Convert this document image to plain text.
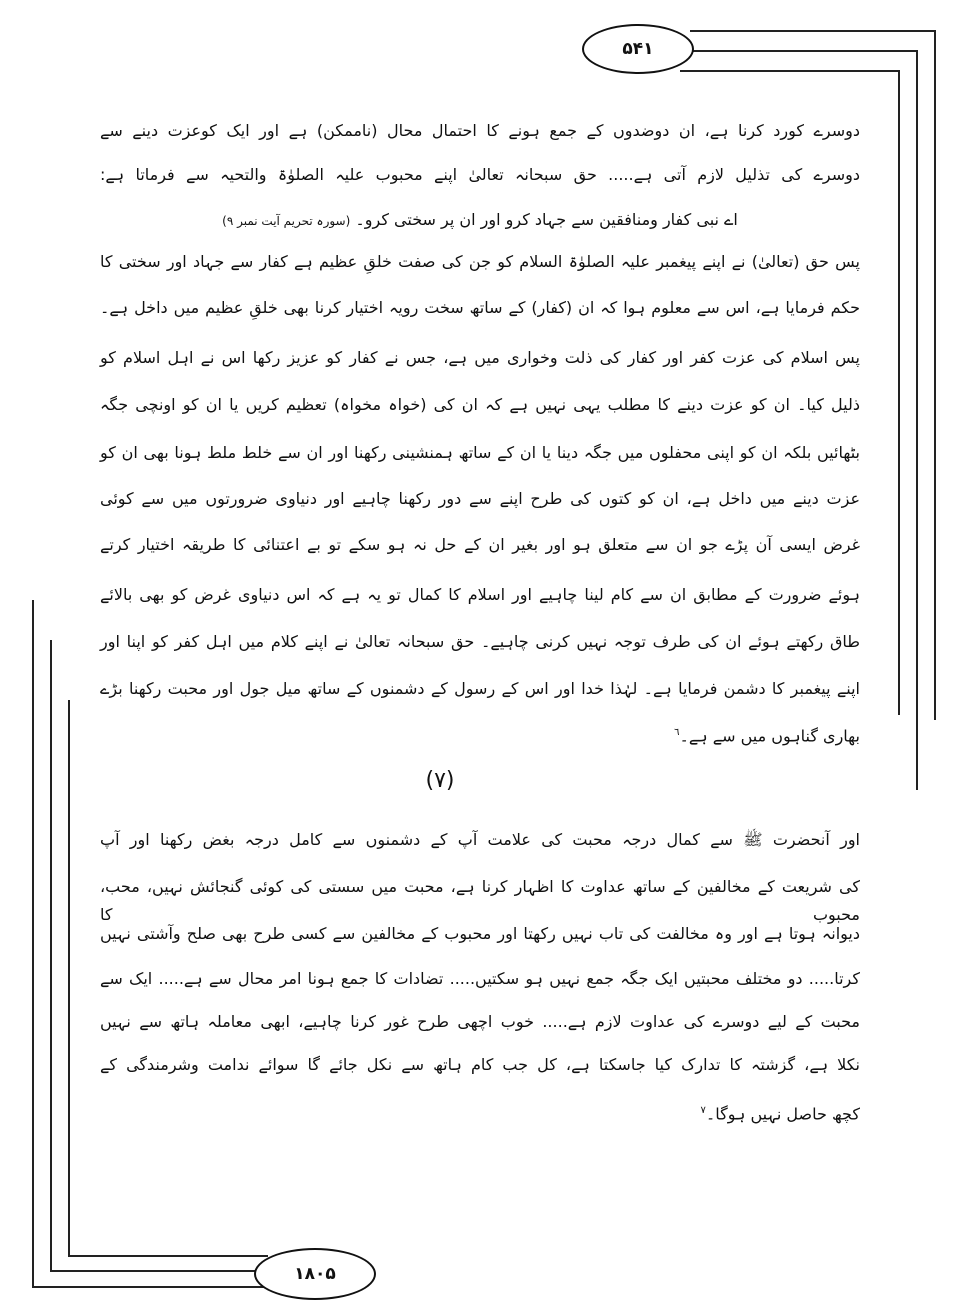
۵۴۱
۱۸۰۵
دوسرے کورد کرنا ہے، ان دوضدوں کے جمع ہونے کا احتمال محال (ناممکن) ہے اور ایک کوعزت دینے سے
دوسرے کی تذلیل لازم آتی ہے..... حق سبحانہ تعالیٰ اپنے محبوب علیہ الصلوٰۃ والتحیہ سے فرماتا ہے:
اے نبی کفار ومنافقین سے جہاد کرو اور ان پر سختی کرو۔ (سورہ تحریم آیت نمبر ۹)
پس حق (تعالیٰ) نے اپنے پیغمبر علیہ الصلوٰۃ السلام کو جن کی صفت خلقِ عظیم ہے کفار سے جہاد اور سختی کا
حکم فرمایا ہے، اس سے معلوم ہوا کہ ان (کفار) کے ساتھ سخت رویہ اختیار کرنا بھی خلقِ عظیم میں داخل ہے۔
پس اسلام کی عزت کفر اور کفار کی ذلت وخواری میں ہے، جس نے کفار کو عزیز رکھا اس نے اہل اسلام کو
ذلیل کیا۔ ان کو عزت دینے کا مطلب یہی نہیں ہے کہ ان کی (خواہ مخواہ) تعظیم کریں یا ان کو اونچی جگہ
بٹھائیں بلکہ ان کو اپنی محفلوں میں جگہ دینا یا ان کے ساتھ ہمنشینی رکھنا اور ان سے خلط ملط ہونا بھی ان کو
عزت دینے میں داخل ہے، ان کو کتوں کی طرح اپنے سے دور رکھنا چاہیے اور دنیاوی ضرورتوں میں سے کوئی
غرض ایسی آن پڑے جو ان سے متعلق ہو اور بغیر ان کے حل نہ ہو سکے تو بے اعتنائی کا طریقہ اختیار کرتے
ہوئے ضرورت کے مطابق ان سے کام لینا چاہیے اور اسلام کا کمال تو یہ ہے کہ اس دنیاوی غرض کو بھی بالائے
طاق رکھتے ہوئے ان کی طرف توجہ نہیں کرنی چاہیے۔ حق سبحانہ تعالیٰ نے اپنے کلام میں اہل کفر کو اپنا اور
اپنے پیغمبر کا دشمن فرمایا ہے۔ لہٰذا خدا اور اس کے رسول کے دشمنوں کے ساتھ میل جول اور محبت رکھنا بڑے
بھاری گناہوں میں سے ہے۔$^٦$
(۷)
اور آنحضرت ﷺ سے کمال درجہ محبت کی علامت آپ کے دشمنوں سے کامل درجہ بغض رکھنا اور آپ
کی شریعت کے مخالفین کے ساتھ عداوت کا اظہار کرنا ہے، محبت میں سستی کی کوئی گنجائش نہیں، محب، محبوب کا
دیوانہ ہوتا ہے اور وہ مخالفت کی تاب نہیں رکھتا اور محبوب کے مخالفین سے کسی طرح بھی صلح وآشتی نہیں
کرتا..... دو مختلف محبتیں ایک جگہ جمع نہیں ہو سکتیں..... تضادات کا جمع ہونا امر محال سے ہے..... ایک سے
محبت کے لیے دوسرے کی عداوت لازم ہے..... خوب اچھی طرح غور کرنا چاہیے، ابھی معاملہ ہاتھ سے نہیں
نکلا ہے، گزشتہ کا تدارک کیا جاسکتا ہے، کل جب کام ہاتھ سے نکل جائے گا سوائے ندامت وشرمندگی کے
کچھ حاصل نہیں ہوگا۔$^۷$
